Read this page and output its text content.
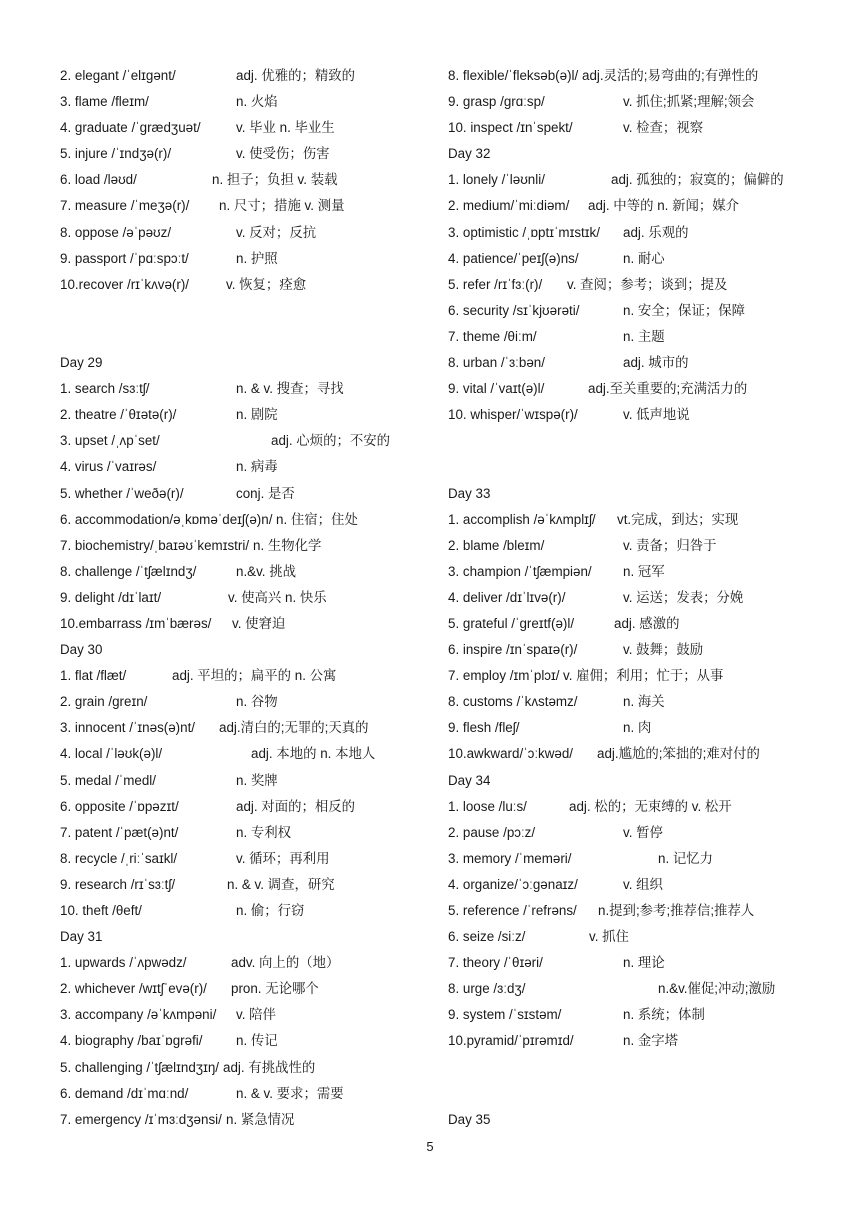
2. elegant /ˈelɪɡənt/	adj. 优雅的；精致的
3. flame /fleɪm/	n. 火焰
4. graduate /ˈɡrædʒuət/	v. 毕业 n. 毕业生
5. injure /ˈɪndʒə(r)/	v. 使受伤；伤害
6. load /ləʊd/	n. 担子；负担 v. 装载
7. measure /ˈmeʒə(r)/ n. 尺寸；措施 v. 测量
8. oppose /əˈpəʊz/	v. 反对；反抗
9. passport /ˈpɑːspɔːt/	n. 护照
10.recover /rɪˈkʌvə(r)/	v. 恢复；痊愈
Day 29
1. search /sɜːtʃ/	n. & v. 搜查；寻找
2. theatre /ˈθɪətə(r)/	n. 剧院
3. upset /ˌʌpˈset/	adj. 心烦的；不安的
4. virus /ˈvaɪrəs/	n. 病毒
5. whether /ˈweðə(r)/	conj. 是否
6. accommodation/əˌkɒməˈdeɪʃ(ə)n/ n. 住宿；住处
7. biochemistry/ˌbaɪəʊˈkemɪstri/ n. 生物化学
8. challenge /ˈtʃælɪndʒ/	n.&v. 挑战
9. delight /dɪˈlaɪt/	v. 使高兴 n. 快乐
10.embarrass /ɪmˈbærəs/ v. 使窘迫
Day 30
1. flat /flæt/	adj. 平坦的；扁平的 n. 公寓
2. grain /ɡreɪn/	n. 谷物
3. innocent /ˈɪnəs(ə)nt/ adj.清白的;无罪的;天真的
4. local /ˈləʊk(ə)l/	adj. 本地的 n. 本地人
5. medal /ˈmedl/	n. 奖牌
6. opposite /ˈɒpəzɪt/	adj. 对面的；相反的
7. patent /ˈpæt(ə)nt/	n. 专利权
8. recycle /ˌriːˈsaɪkl/	v. 循环；再利用
9. research /rɪˈsɜːtʃ/	n. & v. 调查，研究
10. theft /θeft/	n. 偷；行窃
Day 31
1. upwards /ˈʌpwədz/	adv. 向上的（地）
2. whichever /wɪtʃˈevə(r)/ pron. 无论哪个
3. accompany /əˈkʌmpəni/ v. 陪伴
4. biography /baɪˈɒɡrəfi/	n. 传记
5. challenging /ˈtʃælɪndʒɪŋ/ adj. 有挑战性的
6. demand /dɪˈmɑːnd/	n. & v. 要求；需要
7. emergency /ɪˈmɜːdʒənsi/ n. 紧急情况
8. flexible/ˈfleksəb(ə)l/ adj.灵活的;易弯曲的;有弹性的
9. grasp /ɡrɑːsp/	v. 抓住;抓紧;理解;领会
10. inspect /ɪnˈspekt/	v. 检查；视察
Day 32
1. lonely /ˈləʊnli/	adj. 孤独的；寂寞的；偏僻的
2. medium/ˈmiːdiəm/ adj. 中等的 n. 新闻；媒介
3. optimistic /ˌɒptɪˈmɪstɪk/ adj. 乐观的
4. patience/ˈpeɪʃ(ə)ns/	n. 耐心
5. refer /rɪˈfɜː(r)/ v. 查阅；参考；谈到；提及
6. security /sɪˈkjʊərəti/	n. 安全；保证；保障
7. theme /θiːm/	n. 主题
8. urban /ˈɜːbən/	adj. 城市的
9. vital /ˈvaɪt(ə)l/	adj.至关重要的;充满活力的
10. whisper/ˈwɪspə(r)/	v. 低声地说
Day 33
1. accomplish /əˈkʌmplɪʃ/ vt.完成，到达；实现
2. blame /bleɪm/	v. 责备；归咎于
3. champion /ˈtʃæmpiən/ n. 冠军
4. deliver /dɪˈlɪvə(r)/	v. 运送；发表；分娩
5. grateful /ˈɡreɪtf(ə)l/	adj. 感激的
6. inspire /ɪnˈspaɪə(r)/	v. 鼓舞；鼓励
7. employ /ɪmˈplɔɪ/ v. 雇佣；利用；忙于；从事
8. customs /ˈkʌstəmz/	n. 海关
9. flesh /fleʃ/	n. 肉
10.awkward/ˈɔːkwəd/ adj.尴尬的;笨拙的;难对付的
Day 34
1. loose /luːs/	adj. 松的；无束缚的 v. 松开
2. pause /pɔːz/	v. 暂停
3. memory /ˈmeməri/	n. 记忆力
4. organize/ˈɔːɡənaɪz/	v. 组织
5. reference /ˈrefrəns/ n.提到;参考;推荐信;推荐人
6. seize /siːz/	v. 抓住
7. theory /ˈθɪəri/	n. 理论
8. urge /ɜːdʒ/	n.&v.催促;冲动;激励
9. system /ˈsɪstəm/	n. 系统；体制
10.pyramid/ˈpɪrəmɪd/	n. 金字塔
Day 35
5
